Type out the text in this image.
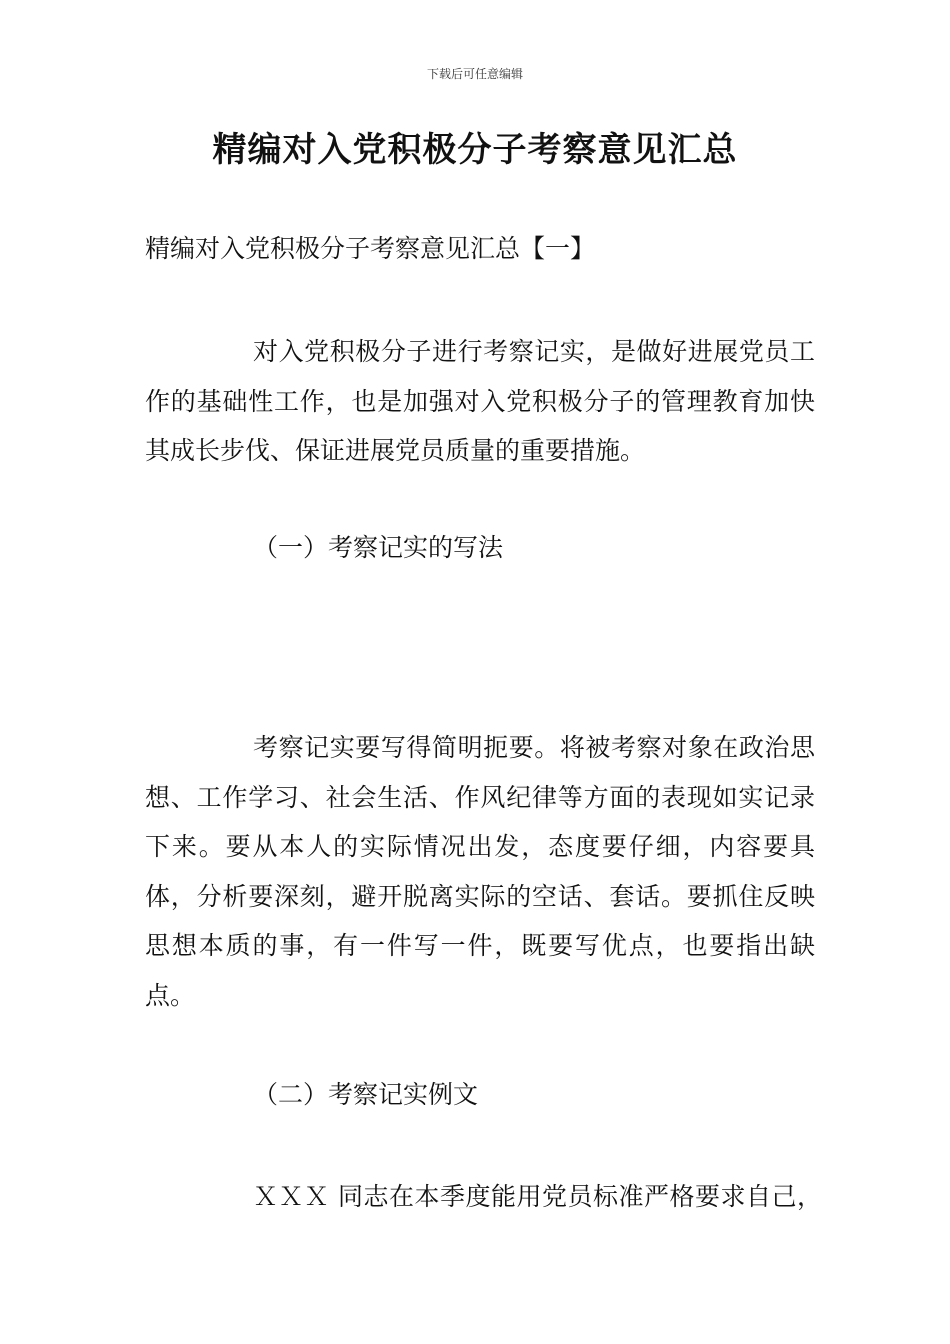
下载后可任意编辑
精编对入党积极分子考察意见汇总
精编对入党积极分子考察意见汇总【一】

对入党积极分子进行考察记实，是做好进展党员工作的基础性工作，也是加强对入党积极分子的管理教育加快其成长步伐、保证进展党员质量的重要措施。

（一）考察记实的写法

考察记实要写得简明扼要。将被考察对象在政治思想、工作学习、社会生活、作风纪律等方面的表现如实记录下来。要从本人的实际情况出发，态度要仔细，内容要具体，分析要深刻，避开脱离实际的空话、套话。要抓住反映思想本质的事，有一件写一件，既要写优点，也要指出缺点。

（二）考察记实例文

ＸＸＸ 同志在本季度能用党员标准严格要求自己，
